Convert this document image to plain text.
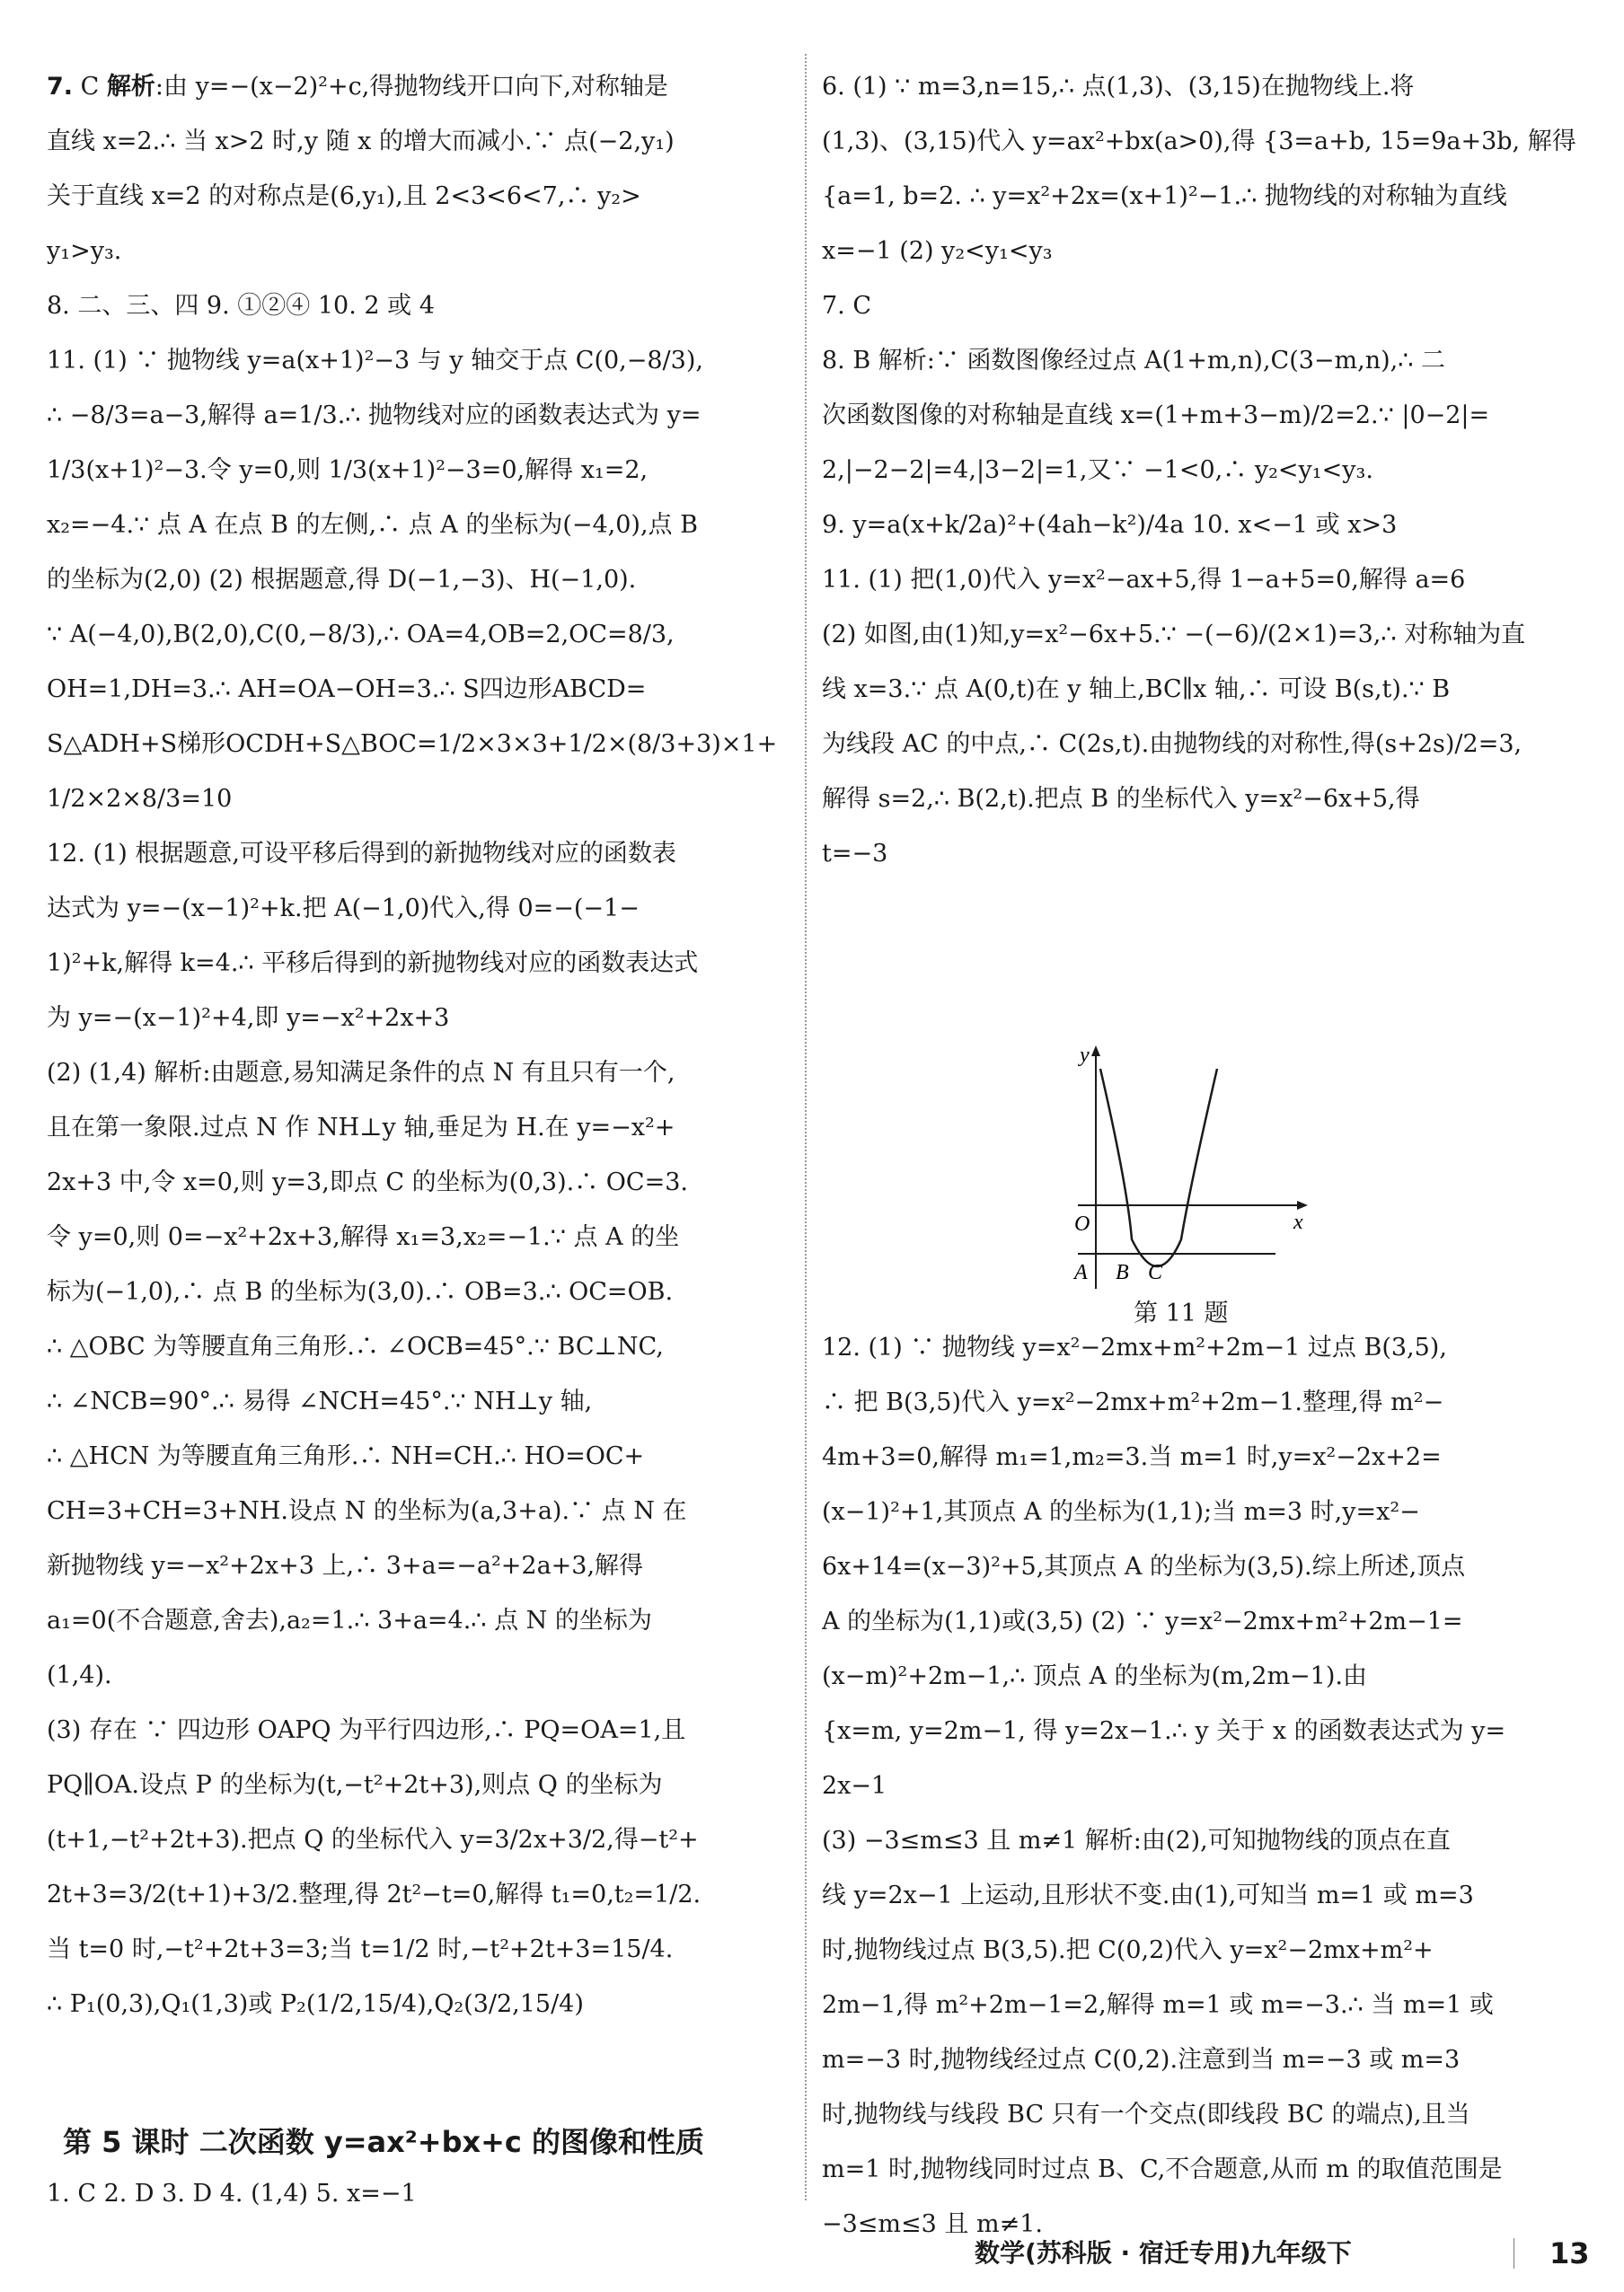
7. C 解析:由 y=−(x−2)²+c,得抛物线开口向下,对称轴是
直线 x=2.∴ 当 x>2 时,y 随 x 的增大而减小.∵ 点(−2,y₁)
关于直线 x=2 的对称点是(6,y₁),且 2<3<6<7,∴ y₂>
y₁>y₃.
8. 二、三、四 9. ①②④ 10. 2 或 4
11. (1) ∵ 抛物线 y=a(x+1)²−3 与 y 轴交于点 C(0,−8/3),
∴ −8/3=a−3,解得 a=1/3.∴ 抛物线对应的函数表达式为 y=
1/3(x+1)²−3.令 y=0,则 1/3(x+1)²−3=0,解得 x₁=2,
x₂=−4.∵ 点 A 在点 B 的左侧,∴ 点 A 的坐标为(−4,0),点 B
的坐标为(2,0) (2) 根据题意,得 D(−1,−3)、H(−1,0).
∵ A(−4,0),B(2,0),C(0,−8/3),∴ OA=4,OB=2,OC=8/3,
OH=1,DH=3.∴ AH=OA−OH=3.∴ S四边形ABCD=
S△ADH+S梯形OCDH+S△BOC=1/2×3×3+1/2×(8/3+3)×1+
1/2×2×8/3=10
12. (1) 根据题意,可设平移后得到的新抛物线对应的函数表
达式为 y=−(x−1)²+k.把 A(−1,0)代入,得 0=−(−1−
1)²+k,解得 k=4.∴ 平移后得到的新抛物线对应的函数表达式
为 y=−(x−1)²+4,即 y=−x²+2x+3
(2) (1,4) 解析:由题意,易知满足条件的点 N 有且只有一个,
且在第一象限.过点 N 作 NH⊥y 轴,垂足为 H.在 y=−x²+
2x+3 中,令 x=0,则 y=3,即点 C 的坐标为(0,3).∴ OC=3.
令 y=0,则 0=−x²+2x+3,解得 x₁=3,x₂=−1.∵ 点 A 的坐
标为(−1,0),∴ 点 B 的坐标为(3,0).∴ OB=3.∴ OC=OB.
∴ △OBC 为等腰直角三角形.∴ ∠OCB=45°.∵ BC⊥NC,
∴ ∠NCB=90°.∴ 易得 ∠NCH=45°.∵ NH⊥y 轴,
∴ △HCN 为等腰直角三角形.∴ NH=CH.∴ HO=OC+
CH=3+CH=3+NH.设点 N 的坐标为(a,3+a).∵ 点 N 在
新抛物线 y=−x²+2x+3 上,∴ 3+a=−a²+2a+3,解得
a₁=0(不合题意,舍去),a₂=1.∴ 3+a=4.∴ 点 N 的坐标为
(1,4).
(3) 存在 ∵ 四边形 OAPQ 为平行四边形,∴ PQ=OA=1,且
PQ∥OA.设点 P 的坐标为(t,−t²+2t+3),则点 Q 的坐标为
(t+1,−t²+2t+3).把点 Q 的坐标代入 y=3/2x+3/2,得−t²+
2t+3=3/2(t+1)+3/2.整理,得 2t²−t=0,解得 t₁=0,t₂=1/2.
当 t=0 时,−t²+2t+3=3;当 t=1/2 时,−t²+2t+3=15/4.
∴ P₁(0,3),Q₁(1,3)或 P₂(1/2,15/4),Q₂(3/2,15/4)
第 5 课时 二次函数 y=ax²+bx+c 的图像和性质
1. C 2. D 3. D 4. (1,4) 5. x=−1
6. (1) ∵ m=3,n=15,∴ 点(1,3)、(3,15)在抛物线上.将
(1,3)、(3,15)代入 y=ax²+bx(a>0),得 {3=a+b, 15=9a+3b, 解得
{a=1, b=2. ∴ y=x²+2x=(x+1)²−1.∴ 抛物线的对称轴为直线
x=−1 (2) y₂<y₁<y₃
7. C
8. B 解析:∵ 函数图像经过点 A(1+m,n),C(3−m,n),∴ 二
次函数图像的对称轴是直线 x=(1+m+3−m)/2=2.∵ |0−2|=
2,|−2−2|=4,|3−2|=1,又∵ −1<0,∴ y₂<y₁<y₃.
9. y=a(x+k/2a)²+(4ah−k²)/4a 10. x<−1 或 x>3
11. (1) 把(1,0)代入 y=x²−ax+5,得 1−a+5=0,解得 a=6
(2) 如图,由(1)知,y=x²−6x+5.∵ −(−6)/(2×1)=3,∴ 对称轴为直
线 x=3.∵ 点 A(0,t)在 y 轴上,BC∥x 轴,∴ 可设 B(s,t).∵ B
为线段 AC 的中点,∴ C(2s,t).由抛物线的对称性,得(s+2s)/2=3,
解得 s=2,∴ B(2,t).把点 B 的坐标代入 y=x²−6x+5,得
t=−3
y
x
O
A B C
第 11 题
12. (1) ∵ 抛物线 y=x²−2mx+m²+2m−1 过点 B(3,5),
∴ 把 B(3,5)代入 y=x²−2mx+m²+2m−1.整理,得 m²−
4m+3=0,解得 m₁=1,m₂=3.当 m=1 时,y=x²−2x+2=
(x−1)²+1,其顶点 A 的坐标为(1,1);当 m=3 时,y=x²−
6x+14=(x−3)²+5,其顶点 A 的坐标为(3,5).综上所述,顶点
A 的坐标为(1,1)或(3,5) (2) ∵ y=x²−2mx+m²+2m−1=
(x−m)²+2m−1,∴ 顶点 A 的坐标为(m,2m−1).由
{x=m, y=2m−1, 得 y=2x−1.∴ y 关于 x 的函数表达式为 y=
2x−1
(3) −3≤m≤3 且 m≠1 解析:由(2),可知抛物线的顶点在直
线 y=2x−1 上运动,且形状不变.由(1),可知当 m=1 或 m=3
时,抛物线过点 B(3,5).把 C(0,2)代入 y=x²−2mx+m²+
2m−1,得 m²+2m−1=2,解得 m=1 或 m=−3.∴ 当 m=1 或
m=−3 时,抛物线经过点 C(0,2).注意到当 m=−3 或 m=3
时,抛物线与线段 BC 只有一个交点(即线段 BC 的端点),且当
m=1 时,抛物线同时过点 B、C,不合题意,从而 m 的取值范围是
−3≤m≤3 且 m≠1.
数学(苏科版 · 宿迁专用)九年级下	13
